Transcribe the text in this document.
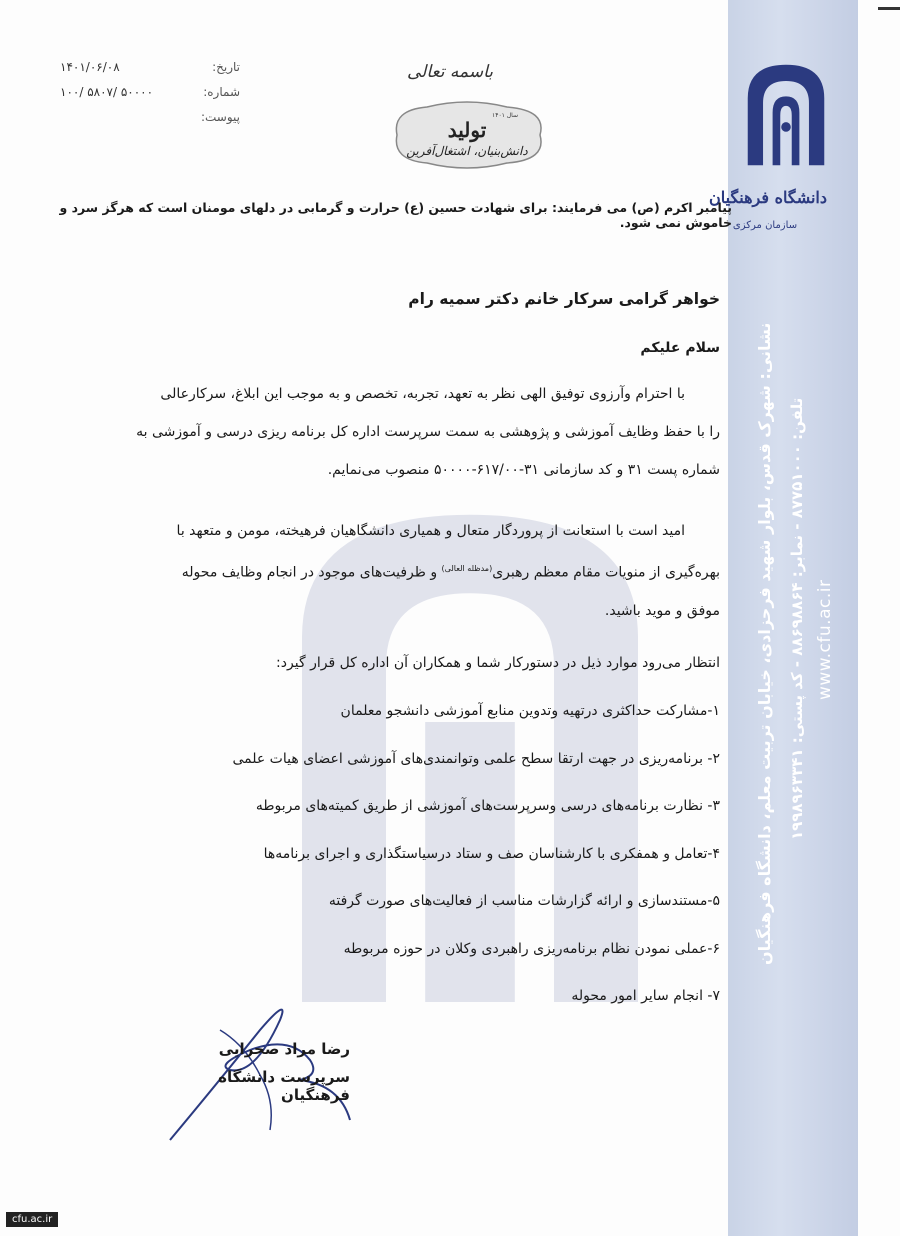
دانشگاه فرهنگیان
سازمان مرکزی
نشانی: شهرک قدس، بلوار شهید فرحزادی، خیابان تربیت معلم، دانشگاه فرهنگیان تلفن: ۸۷۷۵۱۰۰۰ - نمابر: ۸۸۶۹۸۸۶۴ - کد پستی: ۱۹۹۸۹۶۳۳۴۱
www.cfu.ac.ir
تاریخ:
۱۴۰۱/۰۶/۰۸
شماره:
۵۰۰۰۰ /۵۸۰۷ /۱۰۰
پیوست:
باسمه تعالی
سال ۱۴۰۱
تولید
دانش‌بنیان، اشتغال‌آفرین
پیامبر اکرم (ص) می فرمایند: برای شهادت حسین (ع) حرارت و گرمابی در دلهای مومنان است که هرگز سرد و خاموش نمی شود.
خواهر گرامی سرکار خانم دکتر سمیه رام
سلام علیکم

با احترام وآرزوی توفیق الهی نظر به تعهد، تجربه، تخصص و به موجب این ابلاغ، سرکارعالی

را با حفظ وظایف آموزشی و پژوهشی به سمت سرپرست اداره کل برنامه ریزی درسی و آموزشی به

شماره پست ۳۱ و کد سازمانی ۳۱-۶۱۷/۰۰-۵۰۰۰۰ منصوب می‌نمایم.

امید است با استعانت از پروردگار متعال و همیاری دانشگاهیان فرهیخته، مومن و متعهد با

بهره‌گیری از منویات مقام معظم رهبری$^{(مدظله العالی)}$ و ظرفیت‌های موجود در انجام وظایف محوله

موفق و موید باشید.

انتظار می‌رود موارد ذیل در دستورکار شما و همکاران آن اداره کل قرار گیرد:
۱-مشارکت حداکثری درتهیه وتدوین منابع آموزشی دانشجو معلمان
۲- برنامه‌ریزی در جهت ارتقا سطح علمی وتوانمندی‌های آموزشی اعضای هیات علمی
۳- نظارت برنامه‌های درسی وسرپرست‌های آموزشی از طریق کمیته‌های مربوطه
۴-تعامل و همفکری با کارشناسان صف و ستاد درسیاستگذاری و اجرای برنامه‌ها
۵-مستندسازی و ارائه گزارشات مناسب از فعالیت‌های صورت گرفته
۶-عملی نمودن نظام برنامه‌ریزی راهبردی وکلان در حوزه مربوطه
۷- انجام سایر امور محوله
رضا مراد صحرایی
سرپرست دانشگاه فرهنگیان
cfu.ac.ir
